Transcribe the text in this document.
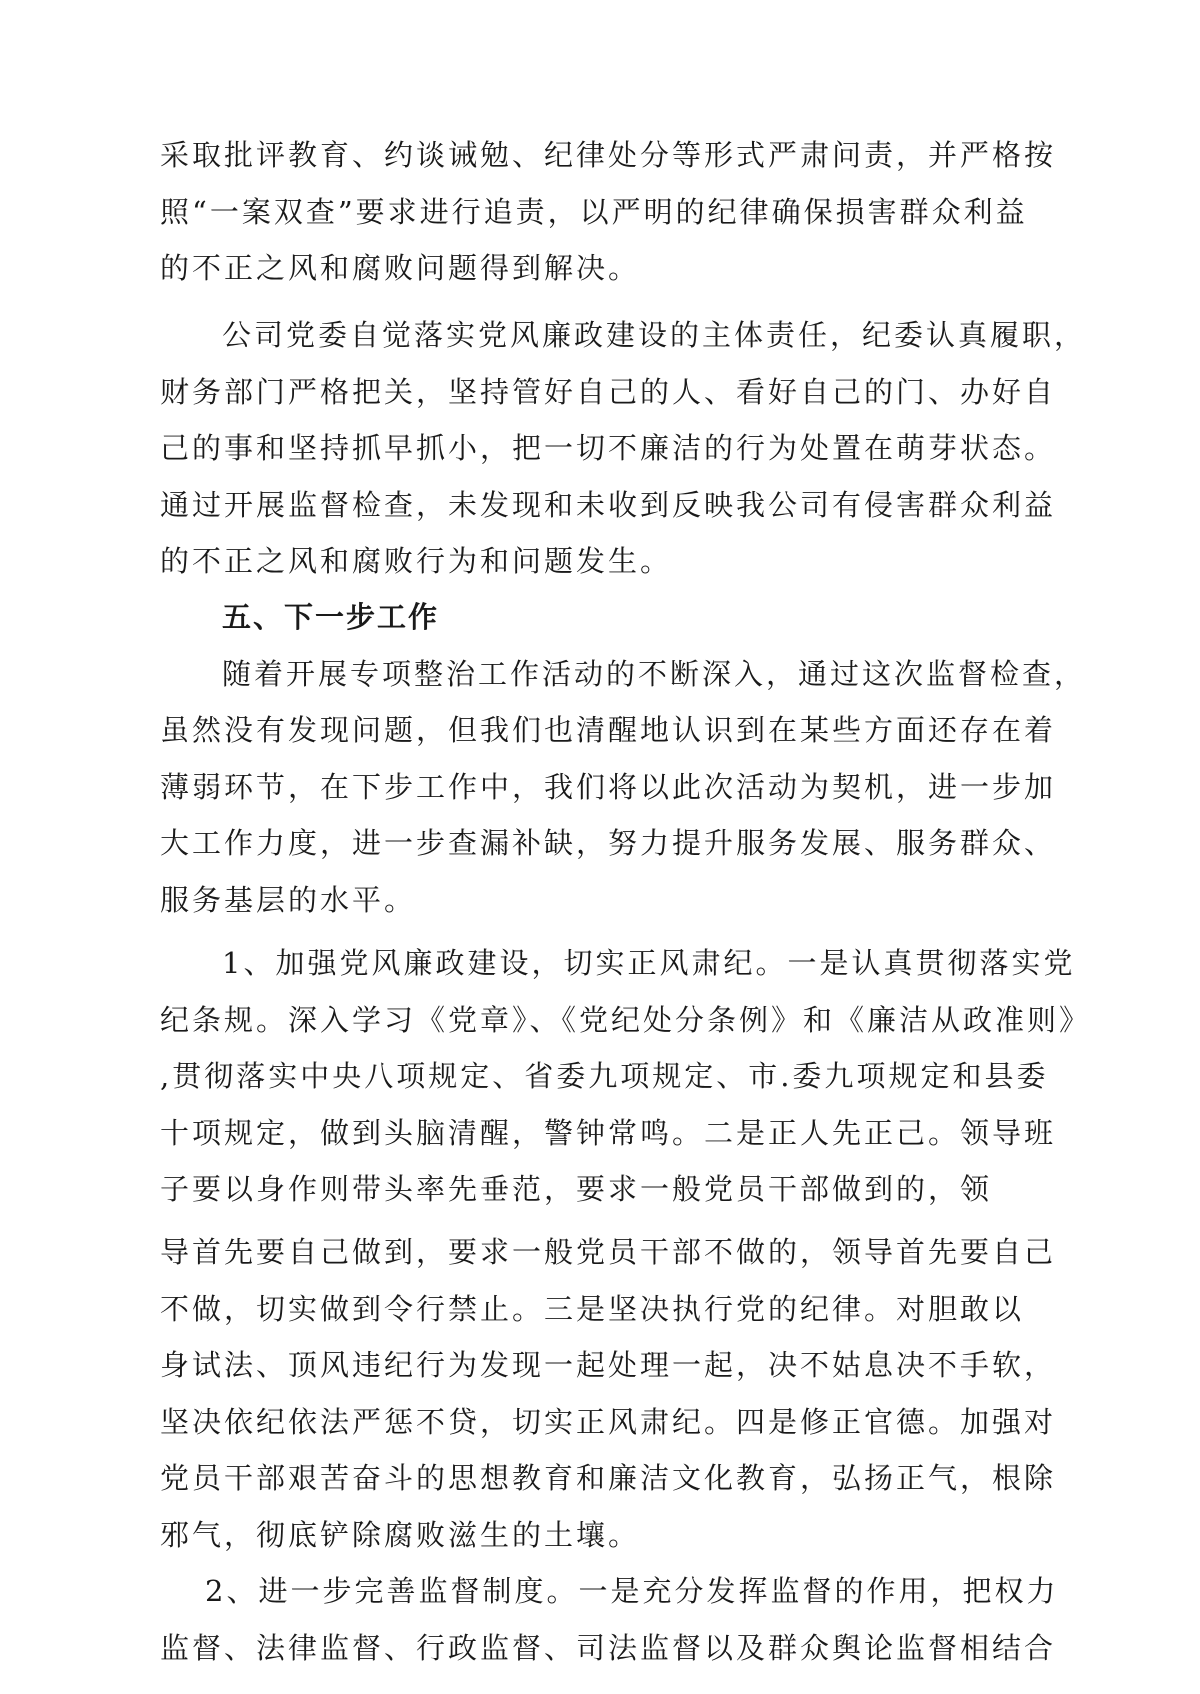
采取批评教育、约谈诫勉、纪律处分等形式严肃问责，并严格按
照“一案双查”要求进行追责，以严明的纪律确保损害群众利益
的不正之风和腐败问题得到解决。
公司党委自觉落实党风廉政建设的主体责任，纪委认真履职，
财务部门严格把关，坚持管好自己的人、看好自己的门、办好自
己的事和坚持抓早抓小，把一切不廉洁的行为处置在萌芽状态。
通过开展监督检查，未发现和未收到反映我公司有侵害群众利益
的不正之风和腐败行为和问题发生。
五、下一步工作
随着开展专项整治工作活动的不断深入，通过这次监督检查，
虽然没有发现问题，但我们也清醒地认识到在某些方面还存在着
薄弱环节，在下步工作中，我们将以此次活动为契机，进一步加
大工作力度，进一步查漏补缺，努力提升服务发展、服务群众、
服务基层的水平。
1、加强党风廉政建设，切实正风肃纪。一是认真贯彻落实党
纪条规。深入学习《党章》、《党纪处分条例》和《廉洁从政准则》
,贯彻落实中央八项规定、省委九项规定、市.委九项规定和县委
十项规定，做到头脑清醒，警钟常鸣。二是正人先正己。领导班
子要以身作则带头率先垂范，要求一般党员干部做到的，领
导首先要自己做到，要求一般党员干部不做的，领导首先要自己
不做，切实做到令行禁止。三是坚决执行党的纪律。对胆敢以
身试法、顶风违纪行为发现一起处理一起，决不姑息决不手软，
坚决依纪依法严惩不贷，切实正风肃纪。四是修正官德。加强对
党员干部艰苦奋斗的思想教育和廉洁文化教育，弘扬正气，根除
邪气，彻底铲除腐败滋生的土壤。
2、进一步完善监督制度。一是充分发挥监督的作用，把权力
监督、法律监督、行政监督、司法监督以及群众舆论监督相结合
